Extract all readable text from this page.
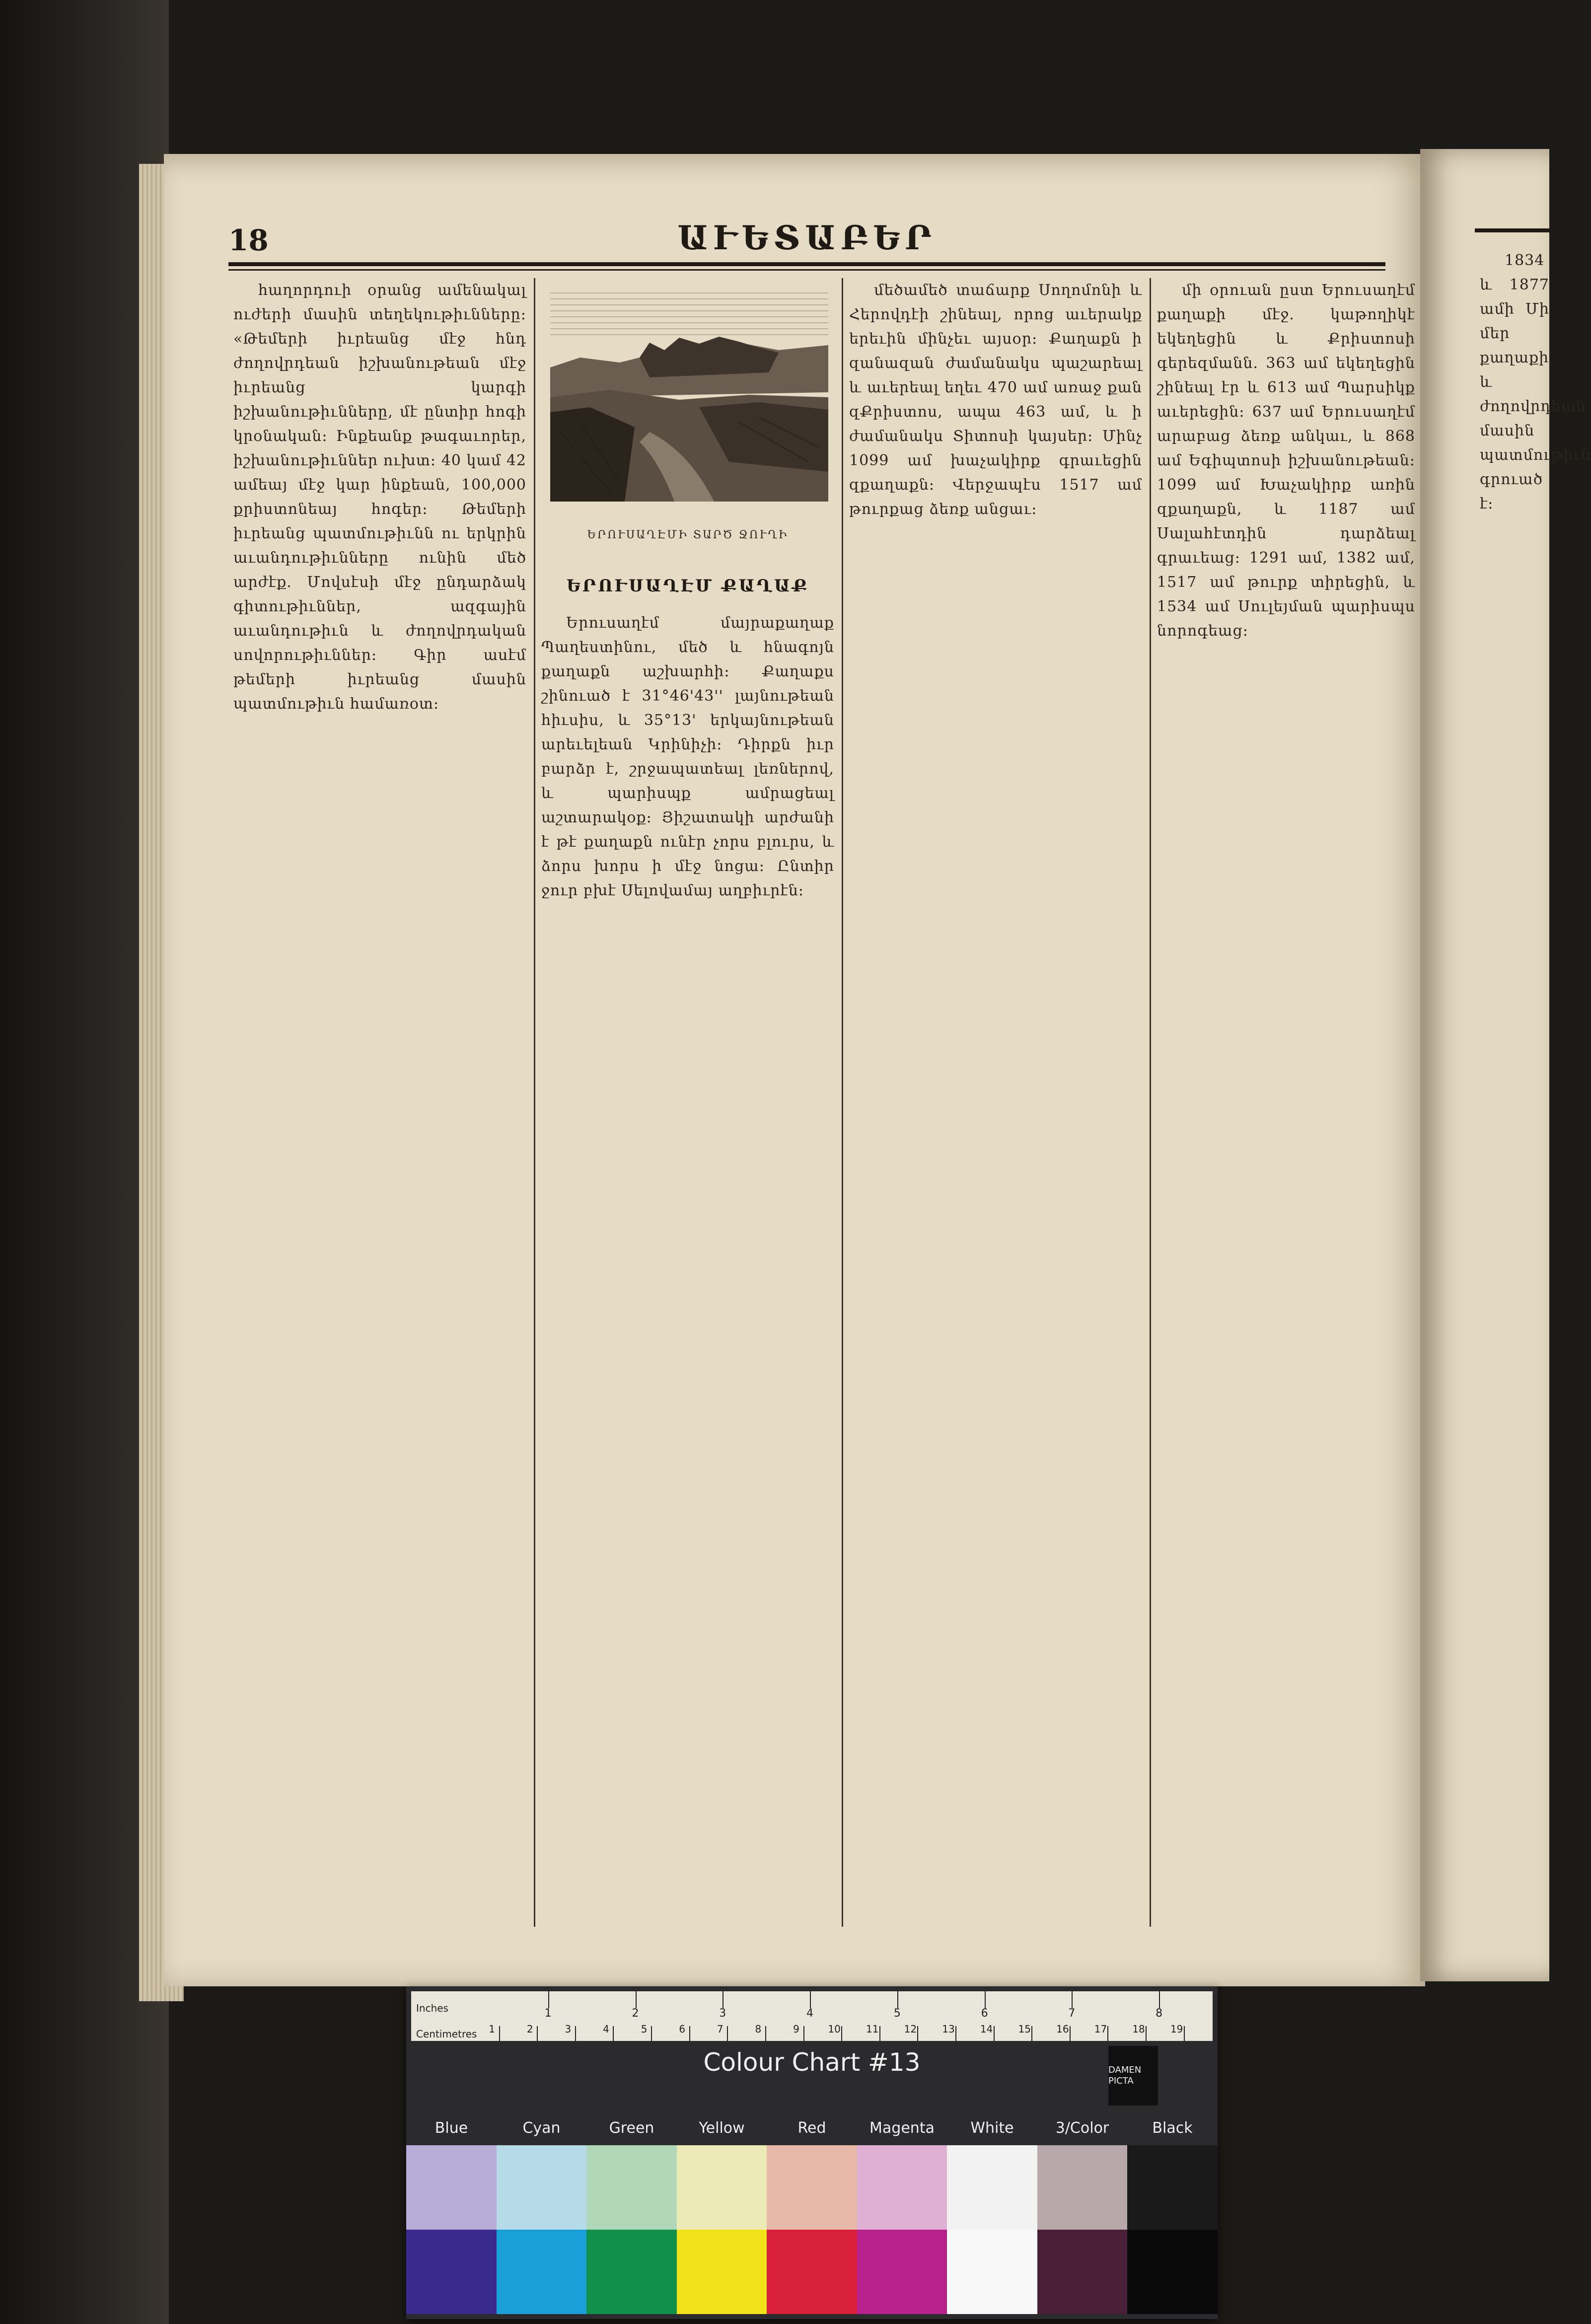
18	ԱՒԵՏԱԲԵՐ

հաղորդուի օրանց ամենակալ ուժերի մասին տեղեկութիւնները։ «Թեմերի իւրեանց մէջ հնդ ժողովրդեան իշխանութեան մէջ իւրեանց կարգի իշխանութիւնները, մէ ընտիր հոգի կրօնական։ Ինքեանք թագաւորեր, իշխանութիւններ ուխտ։ 40 կամ 42 ամեայ մէջ կար ինքեան, 100,000 քրիստոնեայ հոգեր։ Թեմերի իւրեանց պատմութիւնն ու երկրին աւանդութիւնները ունին մեծ արժէք. Մովսէսի մէջ ընդարձակ գիտութիւններ, ազգային աւանդութիւն և ժողովրդական սովորութիւններ։ Գիր ասէմ թեմերի իւրեանց մասին պատմութիւն համառօտ։

ԵՐՈՒՍԱՂԷՄԻ ՏԱՐԾ ՋՈՒՂԻ
ԵՐՈՒՍԱՂԷՄ ՔԱՂԱՔ

Երուսաղէմ մայրաքաղաք Պաղեստինու, մեծ և հնագոյն քաղաքն աշխարհի։ Քաղաքս շինուած է 31°46'43'' լայնութեան հիւսիս, և 35°13' երկայնութեան արեւելեան Կրինիչի։ Դիրքն իւր բարձր է, շրջապատեալ լեռներով, և պարիսպք ամրացեալ աշտարակօք։ Յիշատակի արժանի է թէ քաղաքն ունէր չորս բլուրս, և ձորս խորս ի մէջ նոցա։ Ընտիր ջուր բխէ Սելովամայ աղբիւրէն։

մեծամեծ տաճարք Սողոմոնի և Հերովդէի շինեալ, որոց աւերակք երեւին մինչեւ այսօր։ Քաղաքն ի զանազան ժամանակս պաշարեալ և աւերեալ եղեւ 470 ամ առաջ քան զՔրիստոս, ապա 463 ամ, և ի ժամանակս Տիտոսի կայսեր։ Մինչ 1099 ամ խաչակիրք գրաւեցին զքաղաքն։ Վերջապէս 1517 ամ թուրքաց ձեռք անցաւ։

մի օրուան ըստ Երուսաղէմ քաղաքի մէջ. կաթողիկէ եկեղեցին և Քրիստոսի գերեզմանն. 363 ամ եկեղեցին շինեալ էր և 613 ամ Պարսիկք աւերեցին։ 637 ամ Երուսաղէմ արաբաց ձեռք անկաւ, և 868 ամ Եգիպտոսի իշխանութեան։ 1099 ամ Խաչակիրք առին զքաղաքն, և 1187 ամ Սալահէտդին դարձեալ գրաւեաց։ 1291 ամ, 1382 ամ, 1517 ամ թուրք տիրեցին, և 1534 ամ Սուլեյման պարիսպս նորոգեաց։

1834 և 1877 ամի Մի մեր քաղաքի և ժողովրդեան մասին պատմութիւն գրուած է։

Inches
Centimetres
1	2	3	4	5	6	7	8
1	2	3	4	5	6	7	8	9	10	11	12	13	14	15	16	17	18	19
Colour Chart #13	DAMEN PICTA
Blue	Cyan	Green	Yellow	Red	Magenta	White	3/Color	Black
